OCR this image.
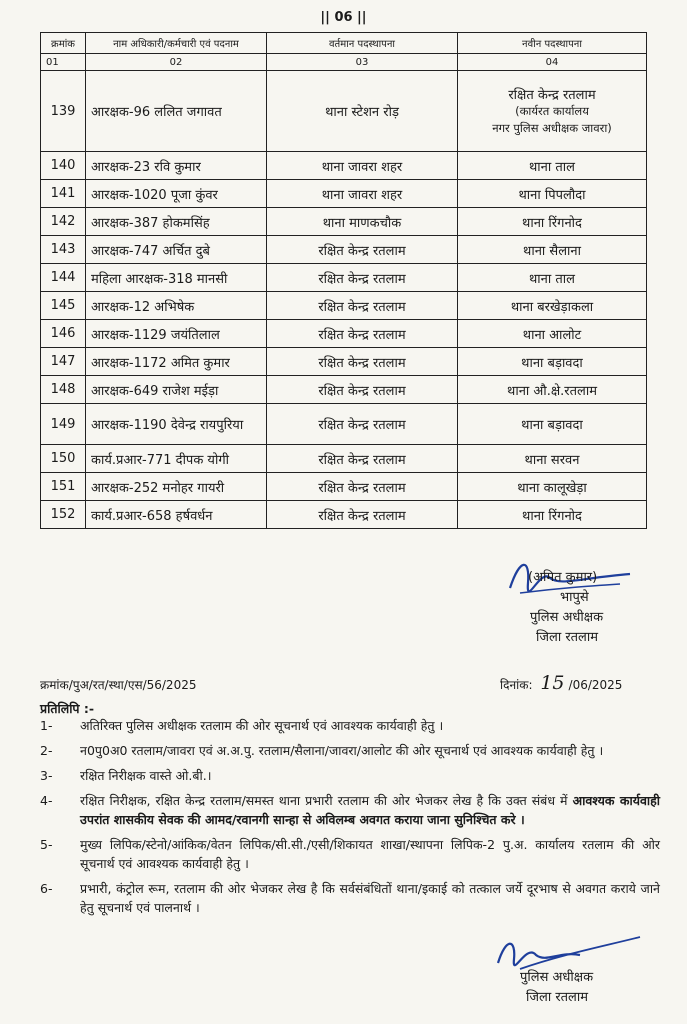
|| 06 ||
क्रमांक	नाम अधिकारी/कर्मचारी एवं पदनाम	वर्तमान पदस्थापना	नवीन पदस्थापना
01	02	03	04
139	आरक्षक-96 ललित जगावत	थाना स्टेशन रोड़	रक्षित केन्द्र रतलाम
(कार्यरत कार्यालय
नगर पुलिस अधीक्षक जावरा)

140	आरक्षक-23 रवि कुमार	थाना जावरा शहर	थाना ताल
141	आरक्षक-1020 पूजा कुंवर	थाना जावरा शहर	थाना पिपलौदा
142	आरक्षक-387 होकमसिंह	थाना माणकचौक	थाना रिंगनोद
143	आरक्षक-747 अर्चित दुबे	रक्षित केन्द्र रतलाम	थाना सैलाना
144	महिला आरक्षक-318 मानसी	रक्षित केन्द्र रतलाम	थाना ताल
145	आरक्षक-12 अभिषेक	रक्षित केन्द्र रतलाम	थाना बरखेड़ाकला
146	आरक्षक-1129 जयंतिलाल	रक्षित केन्द्र रतलाम	थाना आलोट
147	आरक्षक-1172 अमित कुमार	रक्षित केन्द्र रतलाम	थाना बड़ावदा
148	आरक्षक-649 राजेश मईड़ा	रक्षित केन्द्र रतलाम	थाना औ.क्षे.रतलाम
149	आरक्षक-1190 देवेन्द्र रायपुरिया	रक्षित केन्द्र रतलाम	थाना बड़ावदा
150	कार्य.प्रआर-771 दीपक योगी	रक्षित केन्द्र रतलाम	थाना सरवन
151	आरक्षक-252 मनोहर गायरी	रक्षित केन्द्र रतलाम	थाना कालूखेड़ा
152	कार्य.प्रआर-658 हर्षवर्धन	रक्षित केन्द्र रतलाम	थाना रिंगनोद
(अमित कुमार)
भापुसे
पुलिस अधीक्षक
जिला रतलाम
क्रमांक/पुअ/रत/स्था/एस/56/2025	दिनांक: 15 /06/2025
प्रतिलिपि :-
1-	अतिरिक्त पुलिस अधीक्षक रतलाम की ओर सूचनार्थ एवं आवश्यक कार्यवाही हेतु ।
2-	न0पु0अ0 रतलाम/जावरा एवं अ.अ.पु. रतलाम/सैलाना/जावरा/आलोट की ओर सूचनार्थ एवं आवश्यक कार्यवाही हेतु ।
3-	रक्षित निरीक्षक वास्ते ओ.बी.।
4-	रक्षित निरीक्षक, रक्षित केन्द्र रतलाम/समस्त थाना प्रभारी रतलाम की ओर भेजकर लेख है कि उक्त संबंध में आवश्यक कार्यवाही उपरांत शासकीय सेवक की आमद/रवानगी सान्हा से अविलम्ब अवगत कराया जाना सुनिश्चित करे ।
5-	मुख्य लिपिक/स्टेनो/आंकिक/वेतन लिपिक/सी.सी./एसी/शिकायत शाखा/स्थापना लिपिक-2 पु.अ. कार्यालय रतलाम की ओर सूचनार्थ एवं आवश्यक कार्यवाही हेतु ।
6-	प्रभारी, कंट्रोल रूम, रतलाम की ओर भेजकर लेख है कि सर्वसंबंधितों थाना/इकाई को तत्काल जर्ये दूरभाष से अवगत कराये जाने हेतु सूचनार्थ एवं पालनार्थ ।
पुलिस अधीक्षक
जिला रतलाम
